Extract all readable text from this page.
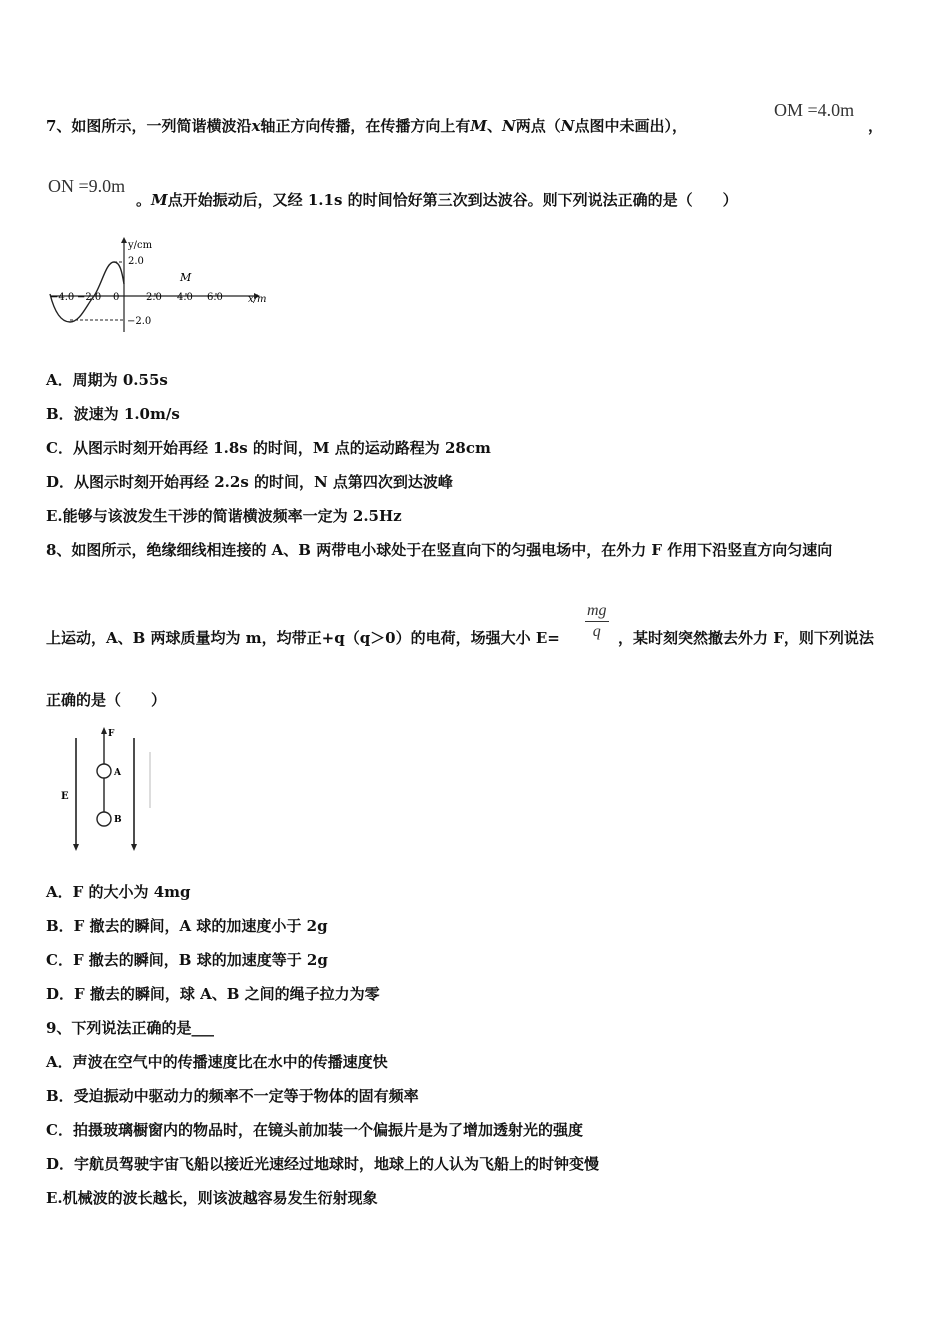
7、如图所示，一列简谐横波沿x轴正方向传播，在传播方向上有M、N两点（N点图中未画出），
OM =4.0m
，
ON =9.0m
。M点开始振动后，又经 1.1s 的时间恰好第三次到达波谷。则下列说法正确的是（　　）
y/cm
2.0
−2.0
x/m
M
−4.0 −2.0 0	2.0 4.0 6.0
A．周期为 0.55s
B．波速为 1.0m/s
C．从图示时刻开始再经 1.8s 的时间，M 点的运动路程为 28cm
D．从图示时刻开始再经 2.2s 的时间，N 点第四次到达波峰
E.能够与该波发生干涉的简谐横波频率一定为 2.5Hz
8、如图所示，绝缘细线相连接的 A、B 两带电小球处于在竖直向下的匀强电场中，在外力 F 作用下沿竖直方向匀速向
上运动，A、B 两球质量均为 m，均带正+q（q＞0）的电荷，场强大小 E=
mg
q	，某时刻突然撤去外力 F，则下列说法
正确的是（　　）
E
F
A
B
A．F 的大小为 4mg
B．F 撤去的瞬间，A 球的加速度小于 2g
C．F 撤去的瞬间，B 球的加速度等于 2g
D．F 撤去的瞬间，球 A、B 之间的绳子拉力为零
9、下列说法正确的是___
A．声波在空气中的传播速度比在水中的传播速度快
B．受迫振动中驱动力的频率不一定等于物体的固有频率
C．拍摄玻璃橱窗内的物品时，在镜头前加装一个偏振片是为了增加透射光的强度
D．宇航员驾驶宇宙飞船以接近光速经过地球时，地球上的人认为飞船上的时钟变慢
E.机械波的波长越长，则该波越容易发生衍射现象
